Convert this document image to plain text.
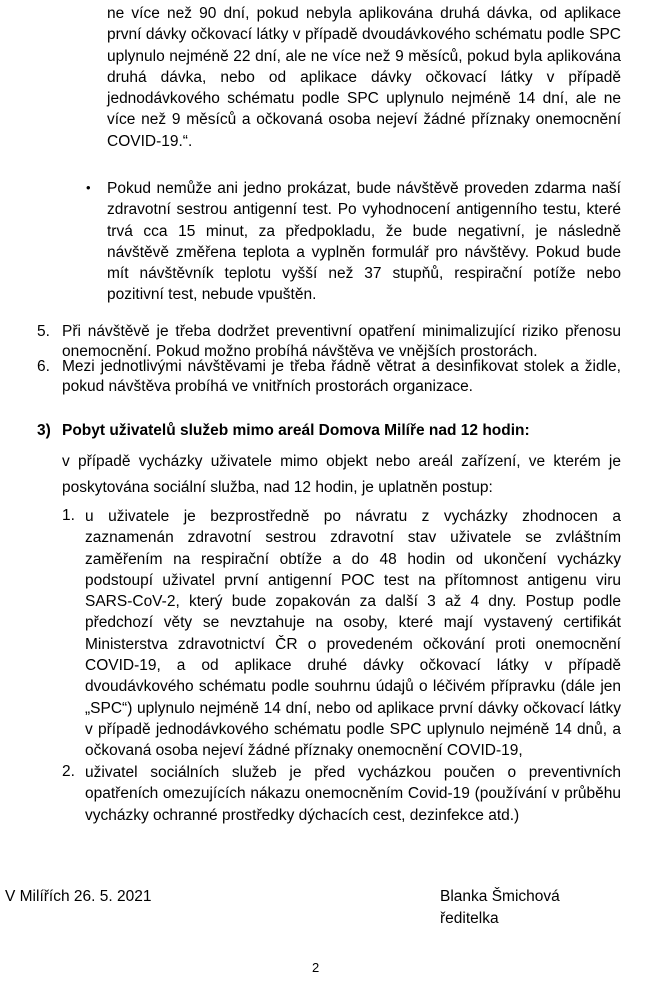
ne více než 90 dní, pokud nebyla aplikována druhá dávka, od aplikace první dávky očkovací látky v případě dvoudávkového schématu podle SPC uplynulo nejméně 22 dní, ale ne více než 9 měsíců, pokud byla aplikována druhá dávka, nebo od aplikace dávky očkovací látky v případě jednodávkového schématu podle SPC uplynulo nejméně 14 dní, ale ne více než 9 měsíců a očkovaná osoba nejeví žádné příznaky onemocnění COVID-19.“.

• Pokud nemůže ani jedno prokázat, bude návštěvě proveden zdarma naší zdravotní sestrou antigenní test. Po vyhodnocení antigenního testu, které trvá cca 15 minut, za předpokladu, že bude negativní, je následně návštěvě změřena teplota a vyplněn formulář pro návštěvy. Pokud bude mít návštěvník teplotu vyšší než 37 stupňů, respirační potíže nebo pozitivní test, nebude vpuštěn.

5. Při návštěvě je třeba dodržet preventivní opatření minimalizující riziko přenosu onemocnění. Pokud možno probíhá návštěva ve vnějších prostorách.

6. Mezi jednotlivými návštěvami je třeba řádně větrat a desinfikovat stolek a židle, pokud návštěva probíhá ve vnitřních prostorách organizace.

3) Pobyt uživatelů služeb mimo areál Domova Milíře nad 12 hodin:
v případě vycházky uživatele mimo objekt nebo areál zařízení, ve kterém je
poskytována sociální služba, nad 12 hodin, je uplatněn postup:
1. u uživatele je bezprostředně po návratu z vycházky zhodnocen a zaznamenán zdravotní sestrou zdravotní stav uživatele se zvláštním zaměřením na respirační obtíže a do 48 hodin od ukončení vycházky podstoupí uživatel první antigenní POC test na přítomnost antigenu viru SARS-CoV-2, který bude zopakován za další 3 až 4 dny. Postup podle předchozí věty se nevztahuje na osoby, které mají vystavený certifikát Ministerstva zdravotnictví ČR o provedeném očkování proti onemocnění COVID-19, a od aplikace druhé dávky očkovací látky v případě dvoudávkového schématu podle souhrnu údajů o léčivém přípravku (dále jen „SPC“) uplynulo nejméně 14 dní, nebo od aplikace první dávky očkovací látky v případě jednodávkového schématu podle SPC uplynulo nejméně 14 dnů, a očkovaná osoba nejeví žádné příznaky onemocnění COVID-19,

2. uživatel sociálních služeb je před vycházkou poučen o preventivních opatřeních omezujících nákazu onemocněním Covid-19 (používání v průběhu vycházky ochranné prostředky dýchacích cest, dezinfekce atd.)

V Milířích 26. 5. 2021	Blanka Šmichová
ředitelka
2
